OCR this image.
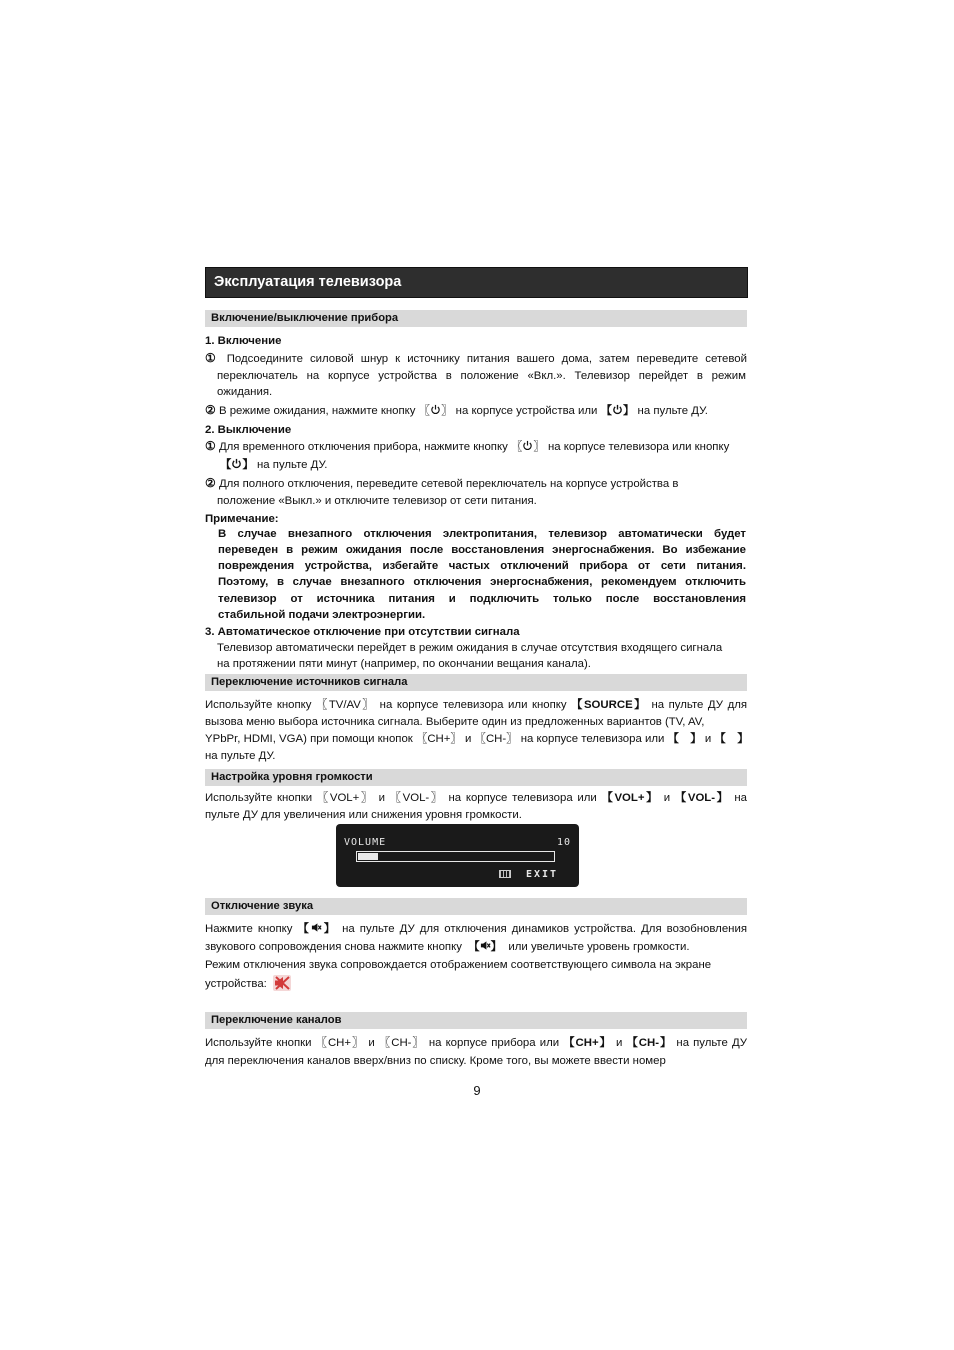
Эксплуатация телевизора
Включение/выключение прибора
1. Включение
① Подсоедините силовой шнур к источнику питания вашего дома, затем переведите сетевой
переключатель на корпусе устройства в положение «Вкл.». Телевизор перейдет в режим
ожидания.
② В режиме ожидания, нажмите кнопку 〖 〗 на корпусе устройства или 【 】 на пульте ДУ.
2. Выключение
① Для временного отключения прибора, нажмите кнопку 〖 〗 на корпусе телевизора или кнопку
【 】 на пульте ДУ.
② Для полного отключения, переведите сетевой переключатель на корпусе устройства в
положение «Выкл.» и отключите телевизор от сети питания.
Примечание:
В случае внезапного отключения электропитания, телевизор автоматически будет
переведен в режим ожидания после восстановления энергоснабжения. Во избежание
повреждения устройства, избегайте частых отключений прибора от сети питания.
Поэтому, в случае внезапного отключения энергоснабжения, рекомендуем отключить
телевизор от источника питания и подключить только после восстановления
стабильной подачи электроэнергии.
3. Автоматическое отключение при отсутствии сигнала
Телевизор автоматически перейдет в режим ожидания в случае отсутствия входящего сигнала
на протяжении пяти минут (например, по окончании вещания канала).
Переключение источников сигнала
Используйте кнопку 〖TV/AV〗 на корпусе телевизора или кнопку 【SOURCE】 на пульте ДУ для
вызова меню выбора источника сигнала. Выберите один из предложенных вариантов (TV, AV,
YPbPr, HDMI, VGA) при помощи кнопок 〖CH+〗 и 〖CH-〗 на корпусе телевизора или 【　】 и 【　】
на пульте ДУ.
Настройка уровня громкости
Используйте кнопки 〖VOL+〗 и 〖VOL-〗 на корпусе телевизора или 【VOL+】 и 【VOL-】 на
пульте ДУ для увеличения или снижения уровня громкости.
VOLUME	10
EXIT
Отключение звука
Нажмите кнопку 【 】 на пульте ДУ для отключения динамиков устройства. Для возобновления
звукового сопровождения снова нажмите кнопку 【 】 или увеличьте уровень громкости.
Режим отключения звука сопровождается отображением соответствующего символа на экране
устройства:
Переключение каналов
Используйте кнопки 〖CH+〗 и 〖CH-〗 на корпусе прибора или 【CH+】 и 【CH-】 на пульте ДУ
для переключения каналов вверх/вниз по списку. Кроме того, вы можете ввести номер
9
